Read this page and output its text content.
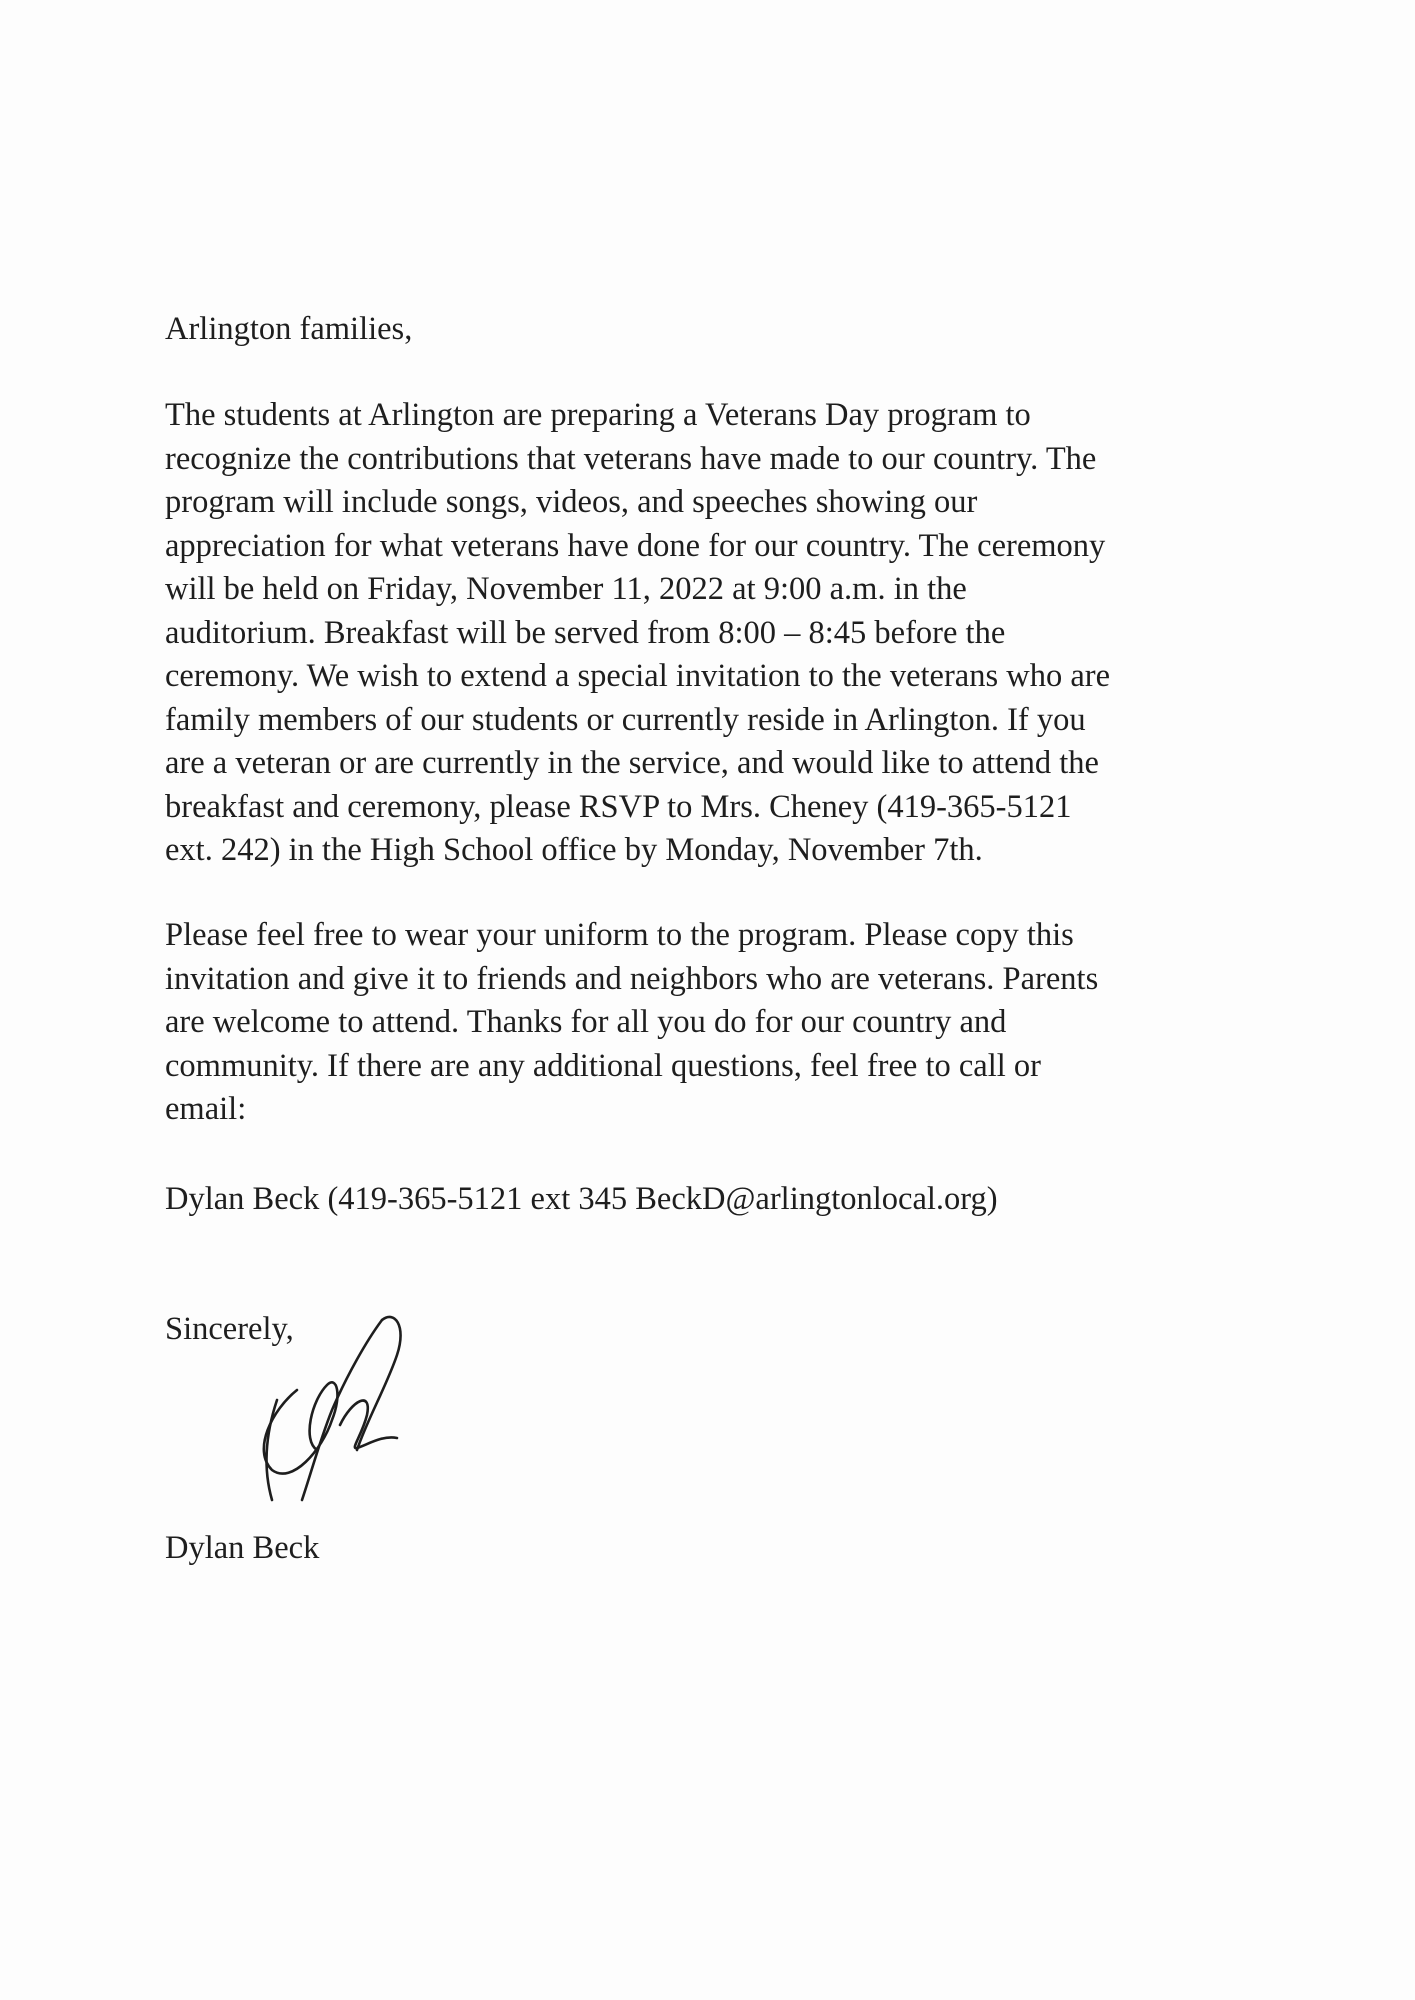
Arlington families,
The students at Arlington are preparing a Veterans Day program to
recognize the contributions that veterans have made to our country. The
program will include songs, videos, and speeches showing our
appreciation for what veterans have done for our country. The ceremony
will be held on Friday, November 11, 2022 at 9:00 a.m. in the
auditorium. Breakfast will be served from 8:00 – 8:45 before the
ceremony. We wish to extend a special invitation to the veterans who are
family members of our students or currently reside in Arlington. If you
are a veteran or are currently in the service, and would like to attend the
breakfast and ceremony, please RSVP to Mrs. Cheney (419-365-5121
ext. 242) in the High School office by Monday, November 7th.
Please feel free to wear your uniform to the program. Please copy this
invitation and give it to friends and neighbors who are veterans. Parents
are welcome to attend. Thanks for all you do for our country and
community. If there are any additional questions, feel free to call or
email:
Dylan Beck (419-365-5121 ext 345 BeckD@arlingtonlocal.org)
Sincerely,
Dylan Beck
